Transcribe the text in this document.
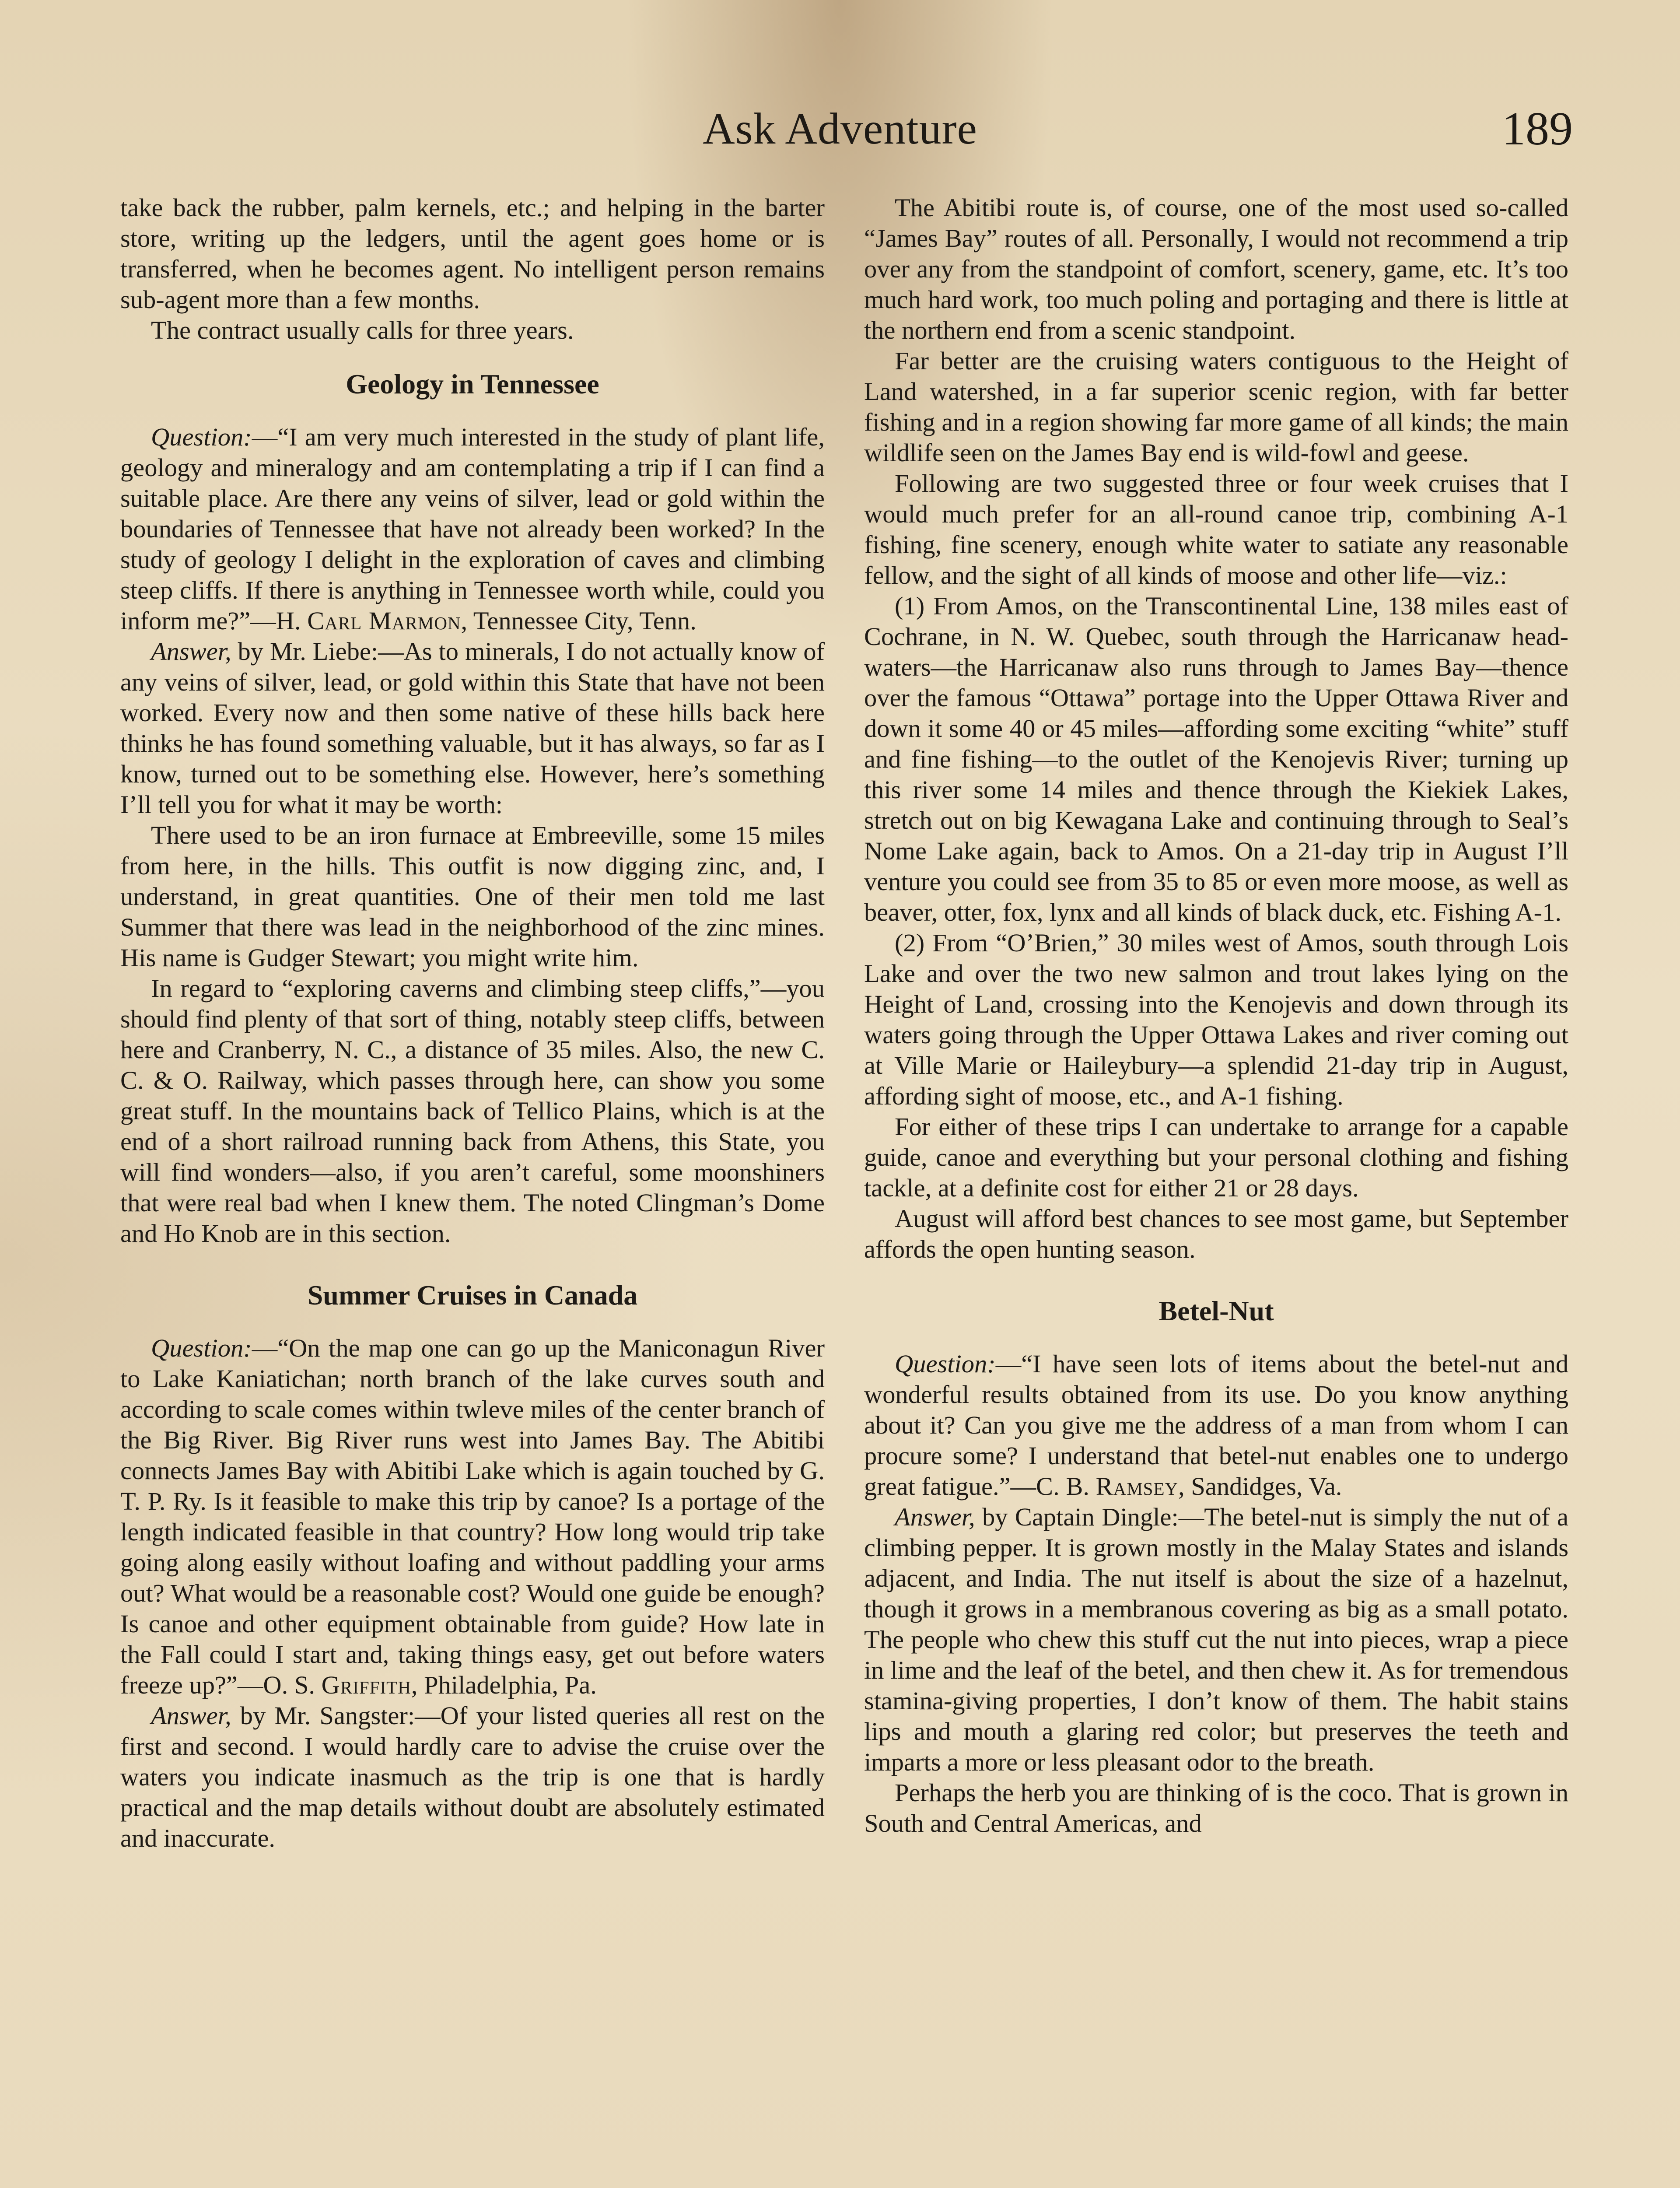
Ask Adventure	189

take back the rubber, palm kernels, etc.; and helping in the barter store, writing up the ledgers, until the agent goes home or is transferred, when he becomes agent. No intelligent person remains sub-agent more than a few months.

The contract usually calls for three years.

Geology in Tennessee

Question:—“I am very much interested in the study of plant life, geology and mineralogy and am contemplating a trip if I can find a suitable place. Are there any veins of silver, lead or gold within the boundaries of Tennessee that have not already been worked? In the study of geology I delight in the exploration of caves and climbing steep cliffs. If there is anything in Tennessee worth while, could you inform me?”—H. Carl Marmon, Tennessee City, Tenn.

Answer, by Mr. Liebe:—As to minerals, I do not actually know of any veins of silver, lead, or gold within this State that have not been worked. Every now and then some native of these hills back here thinks he has found something valuable, but it has always, so far as I know, turned out to be something else. However, here’s something I’ll tell you for what it may be worth:

There used to be an iron furnace at Embreeville, some 15 miles from here, in the hills. This outfit is now digging zinc, and, I understand, in great quantities. One of their men told me last Summer that there was lead in the neighborhood of the zinc mines. His name is Gudger Stewart; you might write him.

In regard to “exploring caverns and climbing steep cliffs,”—you should find plenty of that sort of thing, notably steep cliffs, between here and Cranberry, N. C., a distance of 35 miles. Also, the new C. C. & O. Railway, which passes through here, can show you some great stuff. In the mountains back of Tellico Plains, which is at the end of a short railroad running back from Athens, this State, you will find wonders—also, if you aren’t careful, some moonshiners that were real bad when I knew them. The noted Clingman’s Dome and Ho Knob are in this section.

Summer Cruises in Canada

Question:—“On the map one can go up the Maniconagun River to Lake Kaniatichan; north branch of the lake curves south and according to scale comes within twleve miles of the center branch of the Big River. Big River runs west into James Bay. The Abitibi connects James Bay with Abitibi Lake which is again touched by G. T. P. Ry. Is it feasible to make this trip by canoe? Is a portage of the length indicated feasible in that country? How long would trip take going along easily without loafing and without paddling your arms out? What would be a reasonable cost? Would one guide be enough? Is canoe and other equipment obtainable from guide? How late in the Fall could I start and, taking things easy, get out before waters freeze up?”—O. S. Griffith, Philadelphia, Pa.

Answer, by Mr. Sangster:—Of your listed queries all rest on the first and second. I would hardly care to advise the cruise over the waters you indicate inasmuch as the trip is one that is hardly practical and the map details without doubt are absolutely estimated and inaccurate.

The Abitibi route is, of course, one of the most used so-called “James Bay” routes of all. Personally, I would not recommend a trip over any from the standpoint of comfort, scenery, game, etc. It’s too much hard work, too much poling and portaging and there is little at the northern end from a scenic standpoint.

Far better are the cruising waters contiguous to the Height of Land watershed, in a far superior scenic region, with far better fishing and in a region showing far more game of all kinds; the main wildlife seen on the James Bay end is wild-fowl and geese.

Following are two suggested three or four week cruises that I would much prefer for an all-round canoe trip, combining A-1 fishing, fine scenery, enough white water to satiate any reasonable fellow, and the sight of all kinds of moose and other life—viz.:

(1) From Amos, on the Transcontinental Line, 138 miles east of Cochrane, in N. W. Quebec, south through the Harricanaw head-waters—the Harricanaw also runs through to James Bay—thence over the famous “Ottawa” portage into the Upper Ottawa River and down it some 40 or 45 miles—affording some exciting “white” stuff and fine fishing—to the outlet of the Kenojevis River; turning up this river some 14 miles and thence through the Kiekiek Lakes, stretch out on big Kewagana Lake and continuing through to Seal’s Nome Lake again, back to Amos. On a 21-day trip in August I’ll venture you could see from 35 to 85 or even more moose, as well as beaver, otter, fox, lynx and all kinds of black duck, etc. Fishing A-1.

(2) From “O’Brien,” 30 miles west of Amos, south through Lois Lake and over the two new salmon and trout lakes lying on the Height of Land, crossing into the Kenojevis and down through its waters going through the Upper Ottawa Lakes and river coming out at Ville Marie or Haileybury—a splendid 21-day trip in August, affording sight of moose, etc., and A-1 fishing.

For either of these trips I can undertake to arrange for a capable guide, canoe and everything but your personal clothing and fishing tackle, at a definite cost for either 21 or 28 days.

August will afford best chances to see most game, but September affords the open hunting season.

Betel-Nut

Question:—“I have seen lots of items about the betel-nut and wonderful results obtained from its use. Do you know anything about it? Can you give me the address of a man from whom I can procure some? I understand that betel-nut enables one to undergo great fatigue.”—C. B. Ramsey, Sandidges, Va.

Answer, by Captain Dingle:—The betel-nut is simply the nut of a climbing pepper. It is grown mostly in the Malay States and islands adjacent, and India. The nut itself is about the size of a hazelnut, though it grows in a membranous covering as big as a small potato. The people who chew this stuff cut the nut into pieces, wrap a piece in lime and the leaf of the betel, and then chew it. As for tremendous stamina-giving properties, I don’t know of them. The habit stains lips and mouth a glaring red color; but preserves the teeth and imparts a more or less pleasant odor to the breath.

Perhaps the herb you are thinking of is the coco. That is grown in South and Central Americas, and
